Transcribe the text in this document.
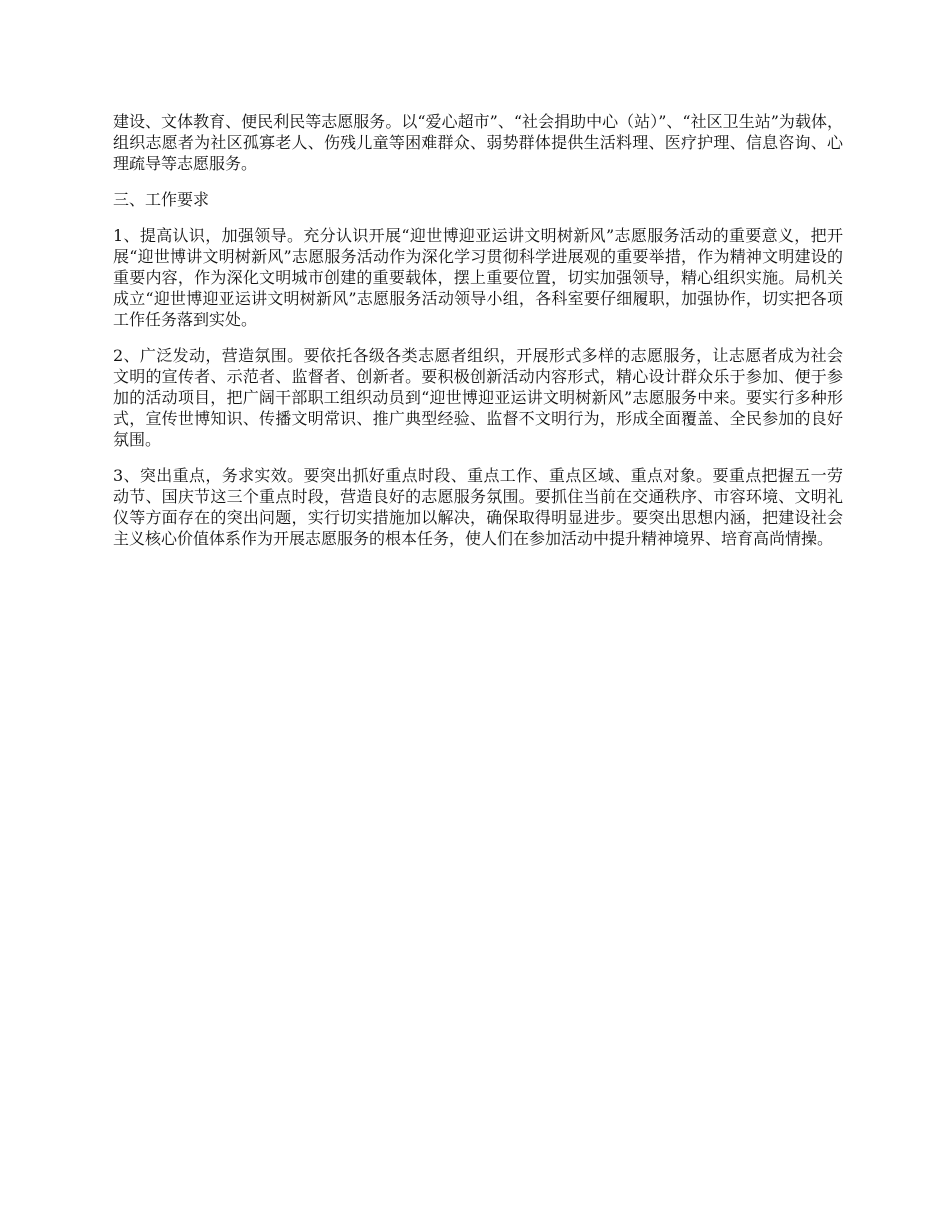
建设、文体教育、便民利民等志愿服务。以“爱心超市”、“社会捐助中心（站）”、“社区卫生站”为载体，组织志愿者为社区孤寡老人、伤残儿童等困难群众、弱势群体提供生活料理、医疗护理、信息咨询、心理疏导等志愿服务。

三、工作要求

1、提高认识，加强领导。充分认识开展“迎世博迎亚运讲文明树新风”志愿服务活动的重要意义，把开展“迎世博讲文明树新风”志愿服务活动作为深化学习贯彻科学进展观的重要举措，作为精神文明建设的重要内容，作为深化文明城市创建的重要载体，摆上重要位置，切实加强领导，精心组织实施。局机关成立“迎世博迎亚运讲文明树新风”志愿服务活动领导小组，各科室要仔细履职，加强协作，切实把各项工作任务落到实处。

2、广泛发动，营造氛围。要依托各级各类志愿者组织，开展形式多样的志愿服务，让志愿者成为社会文明的宣传者、示范者、监督者、创新者。要积极创新活动内容形式，精心设计群众乐于参加、便于参加的活动项目，把广阔干部职工组织动员到“迎世博迎亚运讲文明树新风”志愿服务中来。要实行多种形式，宣传世博知识、传播文明常识、推广典型经验、监督不文明行为，形成全面覆盖、全民参加的良好氛围。

3、突出重点，务求实效。要突出抓好重点时段、重点工作、重点区域、重点对象。要重点把握五一劳动节、国庆节这三个重点时段，营造良好的志愿服务氛围。要抓住当前在交通秩序、市容环境、文明礼仪等方面存在的突出问题，实行切实措施加以解决，确保取得明显进步。要突出思想内涵，把建设社会主义核心价值体系作为开展志愿服务的根本任务，使人们在参加活动中提升精神境界、培育高尚情操。
